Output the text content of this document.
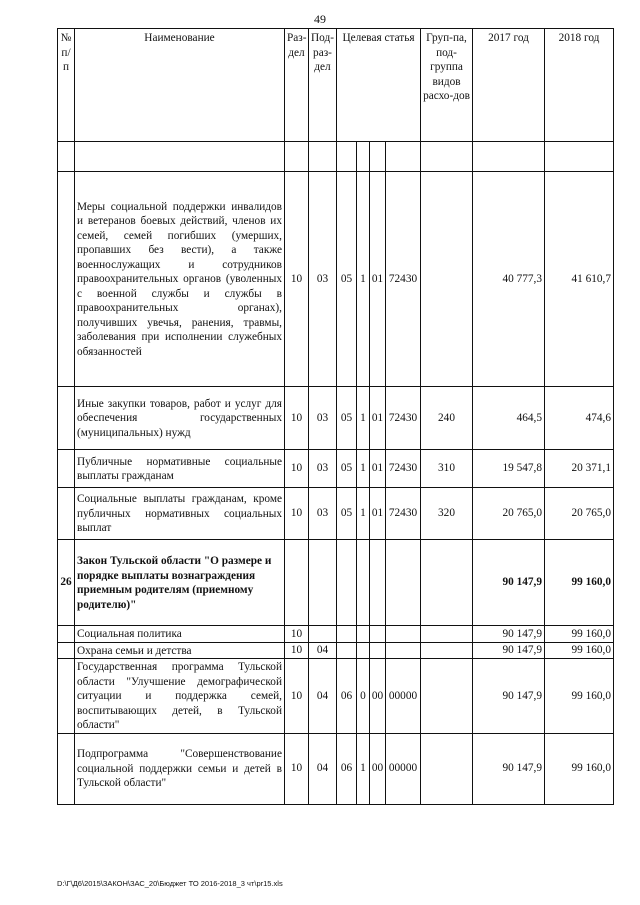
49
№ п/п	Наименование	Раз-дел	Под-раз-дел	Целевая статья				Груп-па, под-группа видов расхо-дов	2017 год	2018 год

	Меры социальной поддержки инвалидов и ветеранов боевых действий, членов их семей, семей погибших (умерших, пропавших без вести), а также военнослужащих и сотрудников правоохранительных органов (уволенных с военной службы и службы в правоохранительных органах), получивших увечья, ранения, травмы, заболевания при исполнении служебных обязанностей	10	03	05	1	01	72430		40 777,3	41 610,7
	Иные закупки товаров, работ и услуг для обеспечения государственных (муниципальных) нужд	10	03	05	1	01	72430	240	464,5	474,6
	Публичные нормативные социальные выплаты гражданам	10	03	05	1	01	72430	310	19 547,8	20 371,1
	Социальные выплаты гражданам, кроме публичных нормативных социальных выплат	10	03	05	1	01	72430	320	20 765,0	20 765,0
26	Закон Тульской области "О размере и порядке выплаты вознаграждения приемным родителям (приемному родителю)"								90 147,9	99 160,0
	Социальная политика	10							90 147,9	99 160,0
	Охрана семьи и детства	10	04						90 147,9	99 160,0
	Государственная программа Тульской области "Улучшение демографической ситуации и поддержка семей, воспитывающих детей, в Тульской области"	10	04	06	0	00	00000		90 147,9	99 160,0
	Подпрограмма "Совершенствование социальной поддержки семьи и детей в Тульской области"	10	04	06	1	00	00000		90 147,9	99 160,0
D:\Г\Д6\2015\ЗАКОН\ЗАС_20\Бюджет ТО 2016-2018_3 чт\pr15.xls
